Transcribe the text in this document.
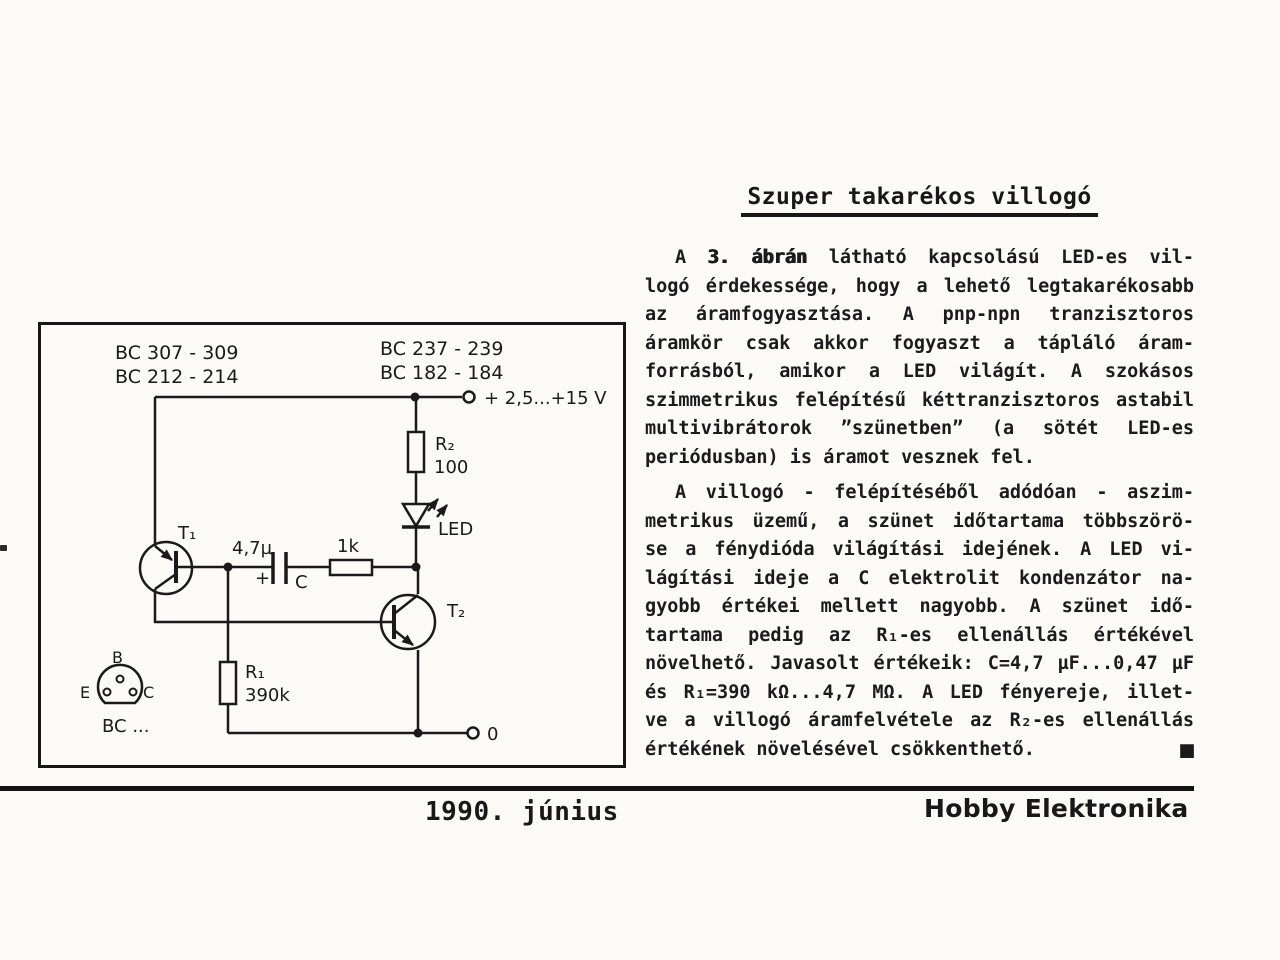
BC 307 - 309
BC 212 - 214
BC 237 - 239
BC 182 - 184
+ 2,5...+15 V
R₂
100
LED
T₁
4,7µ
+ C
1k
T₂
R₁
390k
B
E	C
BC ...	0
Szuper takarékos villogó
A 3. ábrán látható kapcsolású LED-es vil-
logó érdekessége, hogy a lehető legtakarékosabb
az áramfogyasztása. A pnp-npn tranzisztoros
áramkör csak akkor fogyaszt a tápláló áram-
forrásból, amikor a LED világít. A szokásos
szimmetrikus felépítésű kéttranzisztoros astabil
multivibrátorok ”szünetben” (a sötét LED-es
periódusban) is áramot vesznek fel.
A villogó - felépítéséből adódóan - aszim-
metrikus üzemű, a szünet időtartama többszörö-
se a fénydióda világítási idejének. A LED vi-
lágítási ideje a C elektrolit kondenzátor na-
gyobb értékei mellett nagyobb. A szünet idő-
tartama pedig az R₁-es ellenállás értékével
növelhető. Javasolt értékeik: C=4,7 µF...0,47 µF
és R₁=390 kΩ...4,7 MΩ. A LED fényereje, illet-
ve a villogó áramfelvétele az R₂-es ellenállás
értékének növelésével csökkenthető.	■
1990. június	Hobby Elektronika
